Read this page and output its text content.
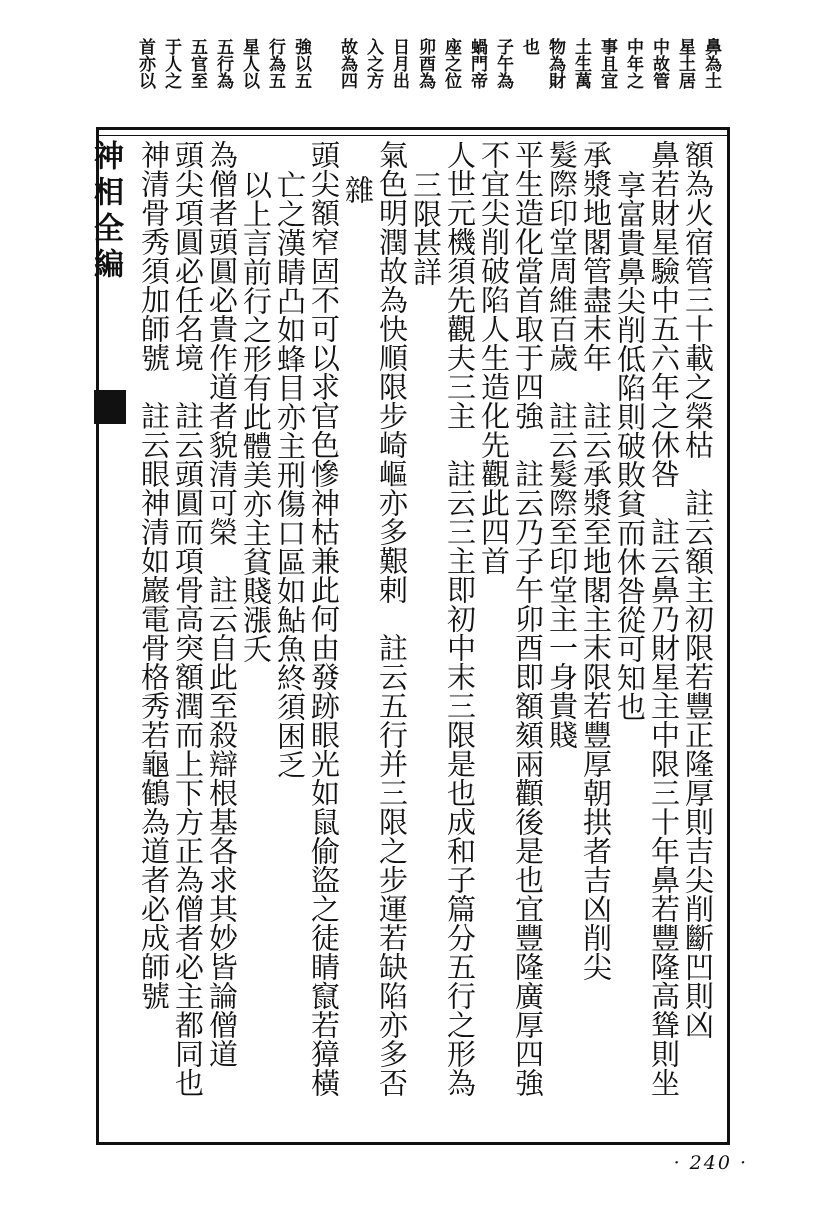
鼻為土
星土居
中故管
中年之
事且宜
土生萬
物為財
也
子午為
蝸門帝
座之位
卯酉為
日月出
入之方
故為四
強以五
行為五
星人以
五行為
五官至
于人之
首亦以
神相全編	額為火宿管三十載之榮枯　註云額主初限若豐正隆厚則吉尖削斷凹則凶
鼻若財星驗中五六年之休咎　註云鼻乃財星主中限三十年鼻若豐隆高聳則坐
享富貴鼻尖削低陷則破敗貧而休咎從可知也
承漿地閣管盡末年　註云承漿至地閣主末限若豐厚朝拱者吉凶削尖
髮際印堂周維百歲　註云髮際至印堂主一身貴賤
平生造化當首取于四強　註云乃子午卯酉即額頦兩顴後是也宜豐隆廣厚四強
不宜尖削破陷人生造化先觀此四首
人世元機須先觀夫三主　註云三主即初中末三限是也成和子篇分五行之形為
三限甚詳
氣色明潤故為快順限步崎嶇亦多艱剌　註云五行并三限之步運若缺陷亦多否
雜
頭尖額窄固不可以求官色慘神枯兼此何由發跡眼光如鼠偷盜之徒睛竄若獐橫
亡之漢睛凸如蜂目亦主刑傷口區如鮎魚終須困乏
以上言前行之形有此體美亦主貧賤漲夭
為僧者頭圓必貴作道者貌清可榮　註云自此至殺辯根基各求其妙皆論僧道
頭尖項圓必任名境　註云頭圓而項骨高突額潤而上下方正為僧者必主都同也
神清骨秀須加師號　註云眼神清如巖電骨格秀若龜鶴為道者必成師號
· 240 ·
